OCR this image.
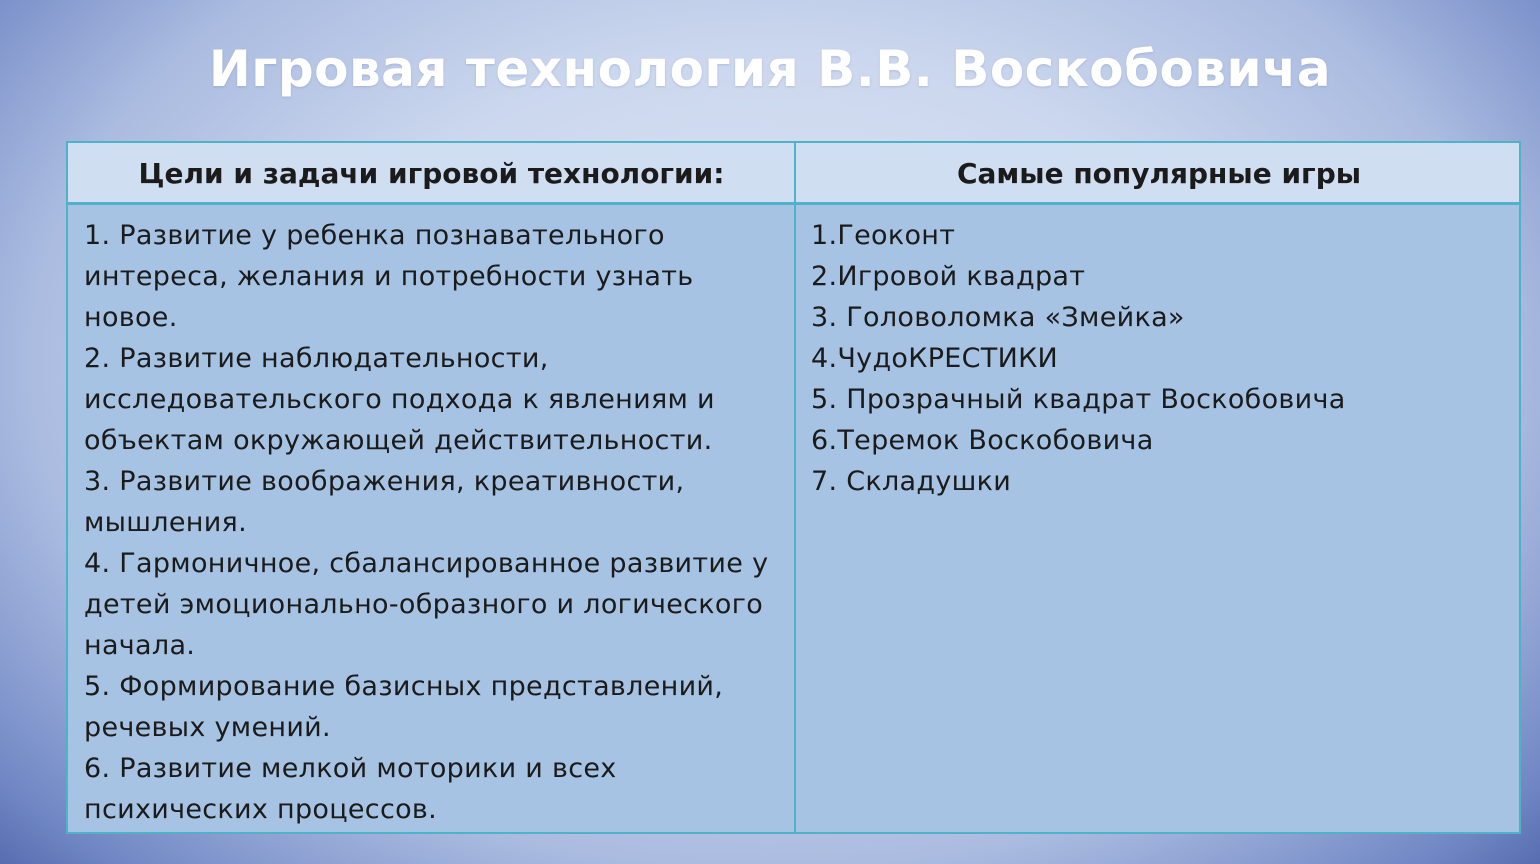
Игровая технология В.В. Воскобовича
Цели и задачи игровой технологии:	Самые популярные игры
1. Развитие у ребенка познавательного
интереса, желания и потребности узнать
новое.
2. Развитие наблюдательности,
исследовательского подхода к явлениям и
объектам окружающей действительности.
3. Развитие воображения, креативности,
мышления.
4. Гармоничное, сбалансированное развитие у
детей эмоционально-образного и логического
начала.
5. Формирование базисных представлений,
речевых умений.
6. Развитие мелкой моторики и всех
психических процессов.
1.Геоконт
2.Игровой квадрат
3. Головоломка «Змейка»
4.ЧудоКРЕСТИКИ
5. Прозрачный квадрат Воскобовича
6.Теремок Воскобовича
7. Складушки
